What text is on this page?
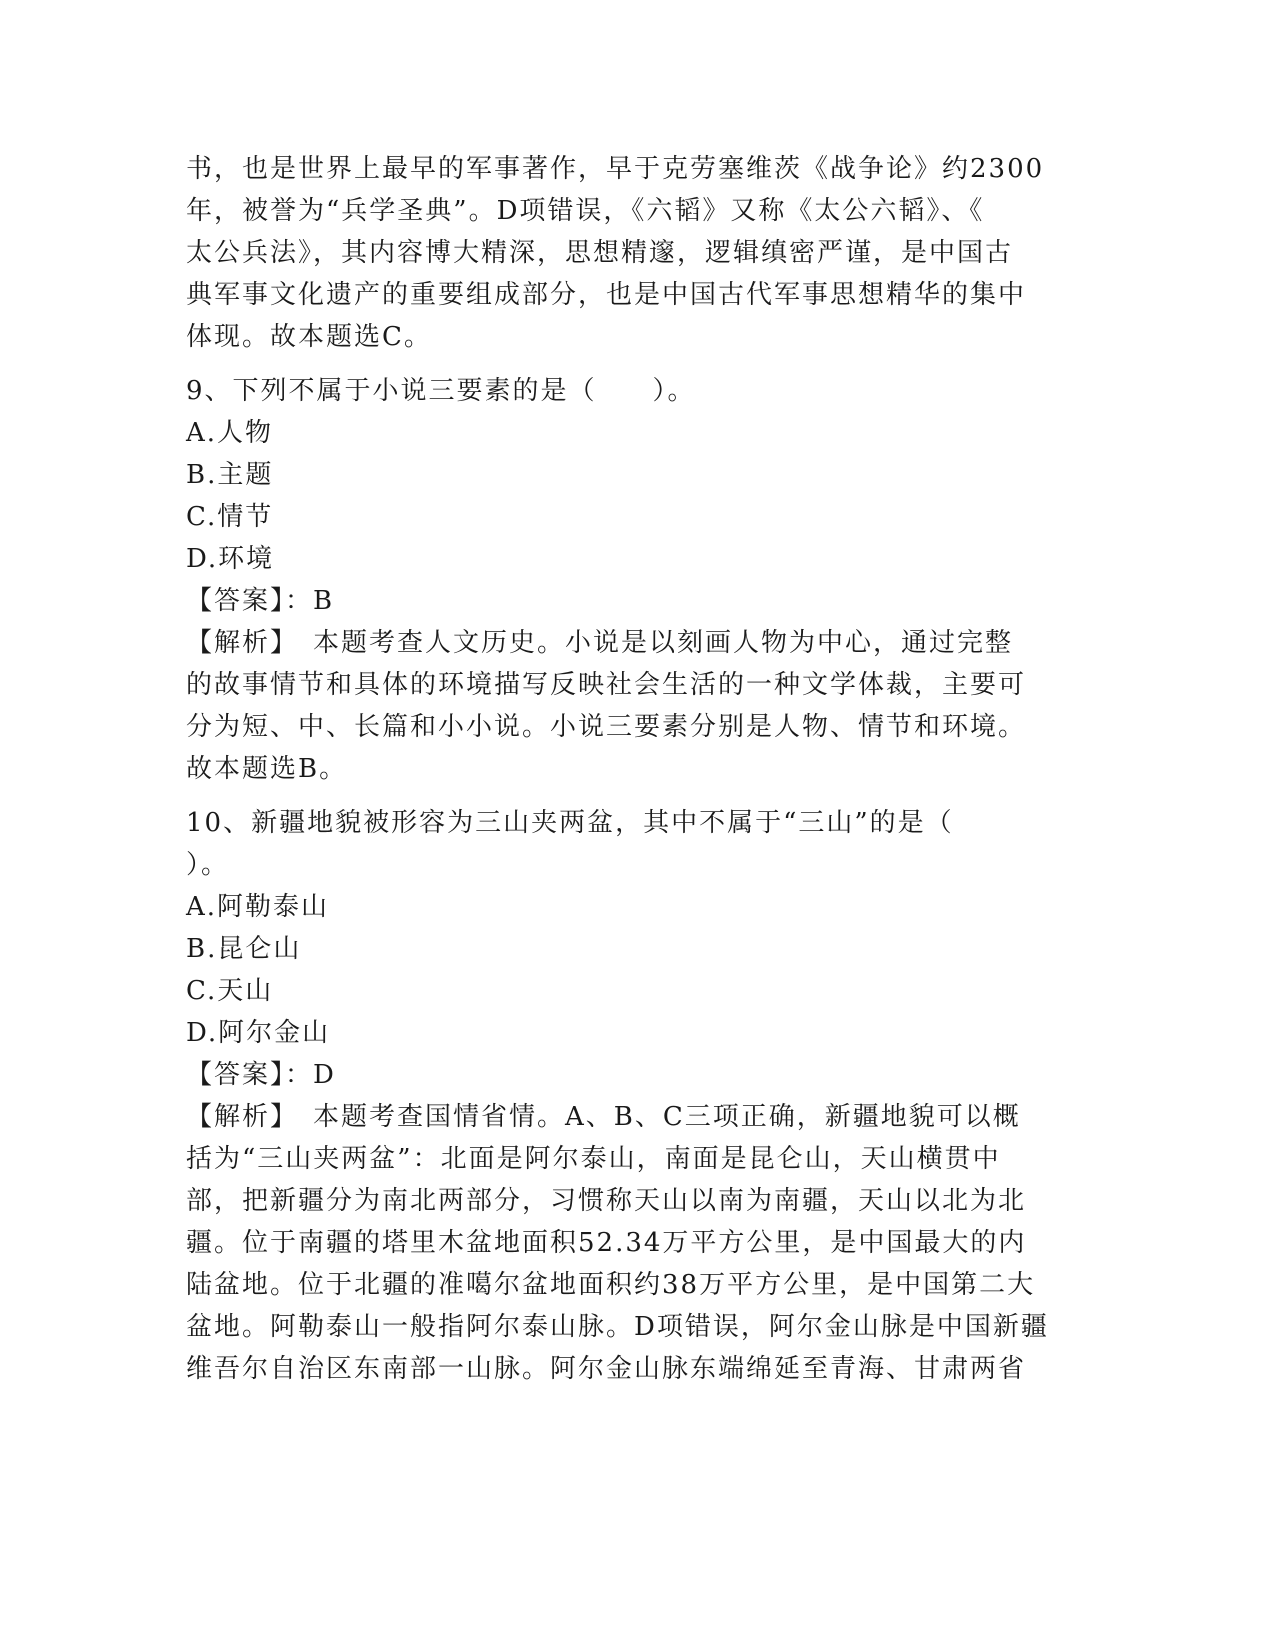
书，也是世界上最早的军事著作，早于克劳塞维茨《战争论》约2300
年，被誉为“兵学圣典”。D项错误，《六韬》又称《太公六韬》、《
太公兵法》，其内容博大精深，思想精邃，逻辑缜密严谨，是中国古
典军事文化遗产的重要组成部分，也是中国古代军事思想精华的集中
体现。故本题选C。
9、下列不属于小说三要素的是（　　）。
A.人物
B.主题
C.情节
D.环境
【答案】：B
【解析】　本题考查人文历史。小说是以刻画人物为中心，通过完整
的故事情节和具体的环境描写反映社会生活的一种文学体裁，主要可
分为短、中、长篇和小小说。小说三要素分别是人物、情节和环境。
故本题选B。
10、新疆地貌被形容为三山夹两盆，其中不属于“三山”的是（
）。
A.阿勒泰山
B.昆仑山
C.天山
D.阿尔金山
【答案】：D
【解析】　本题考查国情省情。A、B、C三项正确，新疆地貌可以概
括为“三山夹两盆”：北面是阿尔泰山，南面是昆仑山，天山横贯中
部，把新疆分为南北两部分，习惯称天山以南为南疆，天山以北为北
疆。位于南疆的塔里木盆地面积52.34万平方公里，是中国最大的内
陆盆地。位于北疆的准噶尔盆地面积约38万平方公里，是中国第二大
盆地。阿勒泰山一般指阿尔泰山脉。D项错误，阿尔金山脉是中国新疆
维吾尔自治区东南部一山脉。阿尔金山脉东端绵延至青海、甘肃两省
